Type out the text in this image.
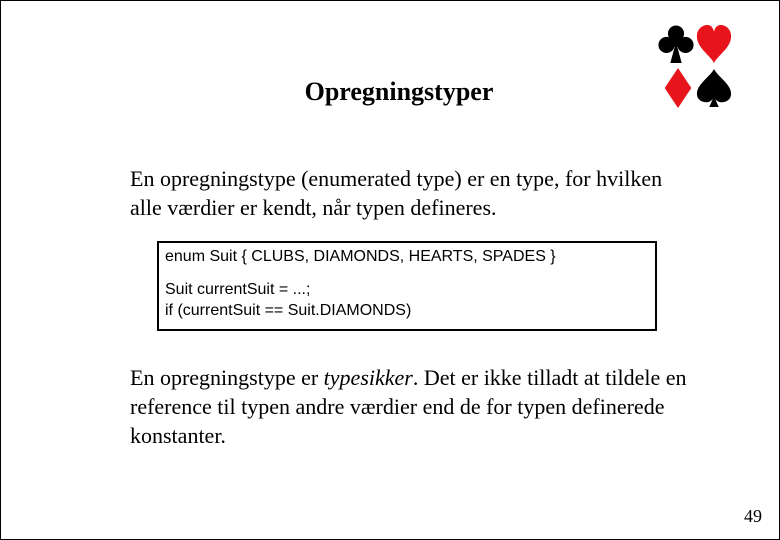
Opregningstyper
En opregningstype (enumerated type) er en type, for hvilken alle værdier er kendt, når typen defineres.
enum Suit { CLUBS, DIAMONDS, HEARTS, SPADES }
Suit currentSuit = ...;
if (currentSuit == Suit.DIAMONDS)
En opregningstype er typesikker. Det er ikke tilladt at tildele en reference til typen andre værdier end de for typen definerede konstanter.
49
